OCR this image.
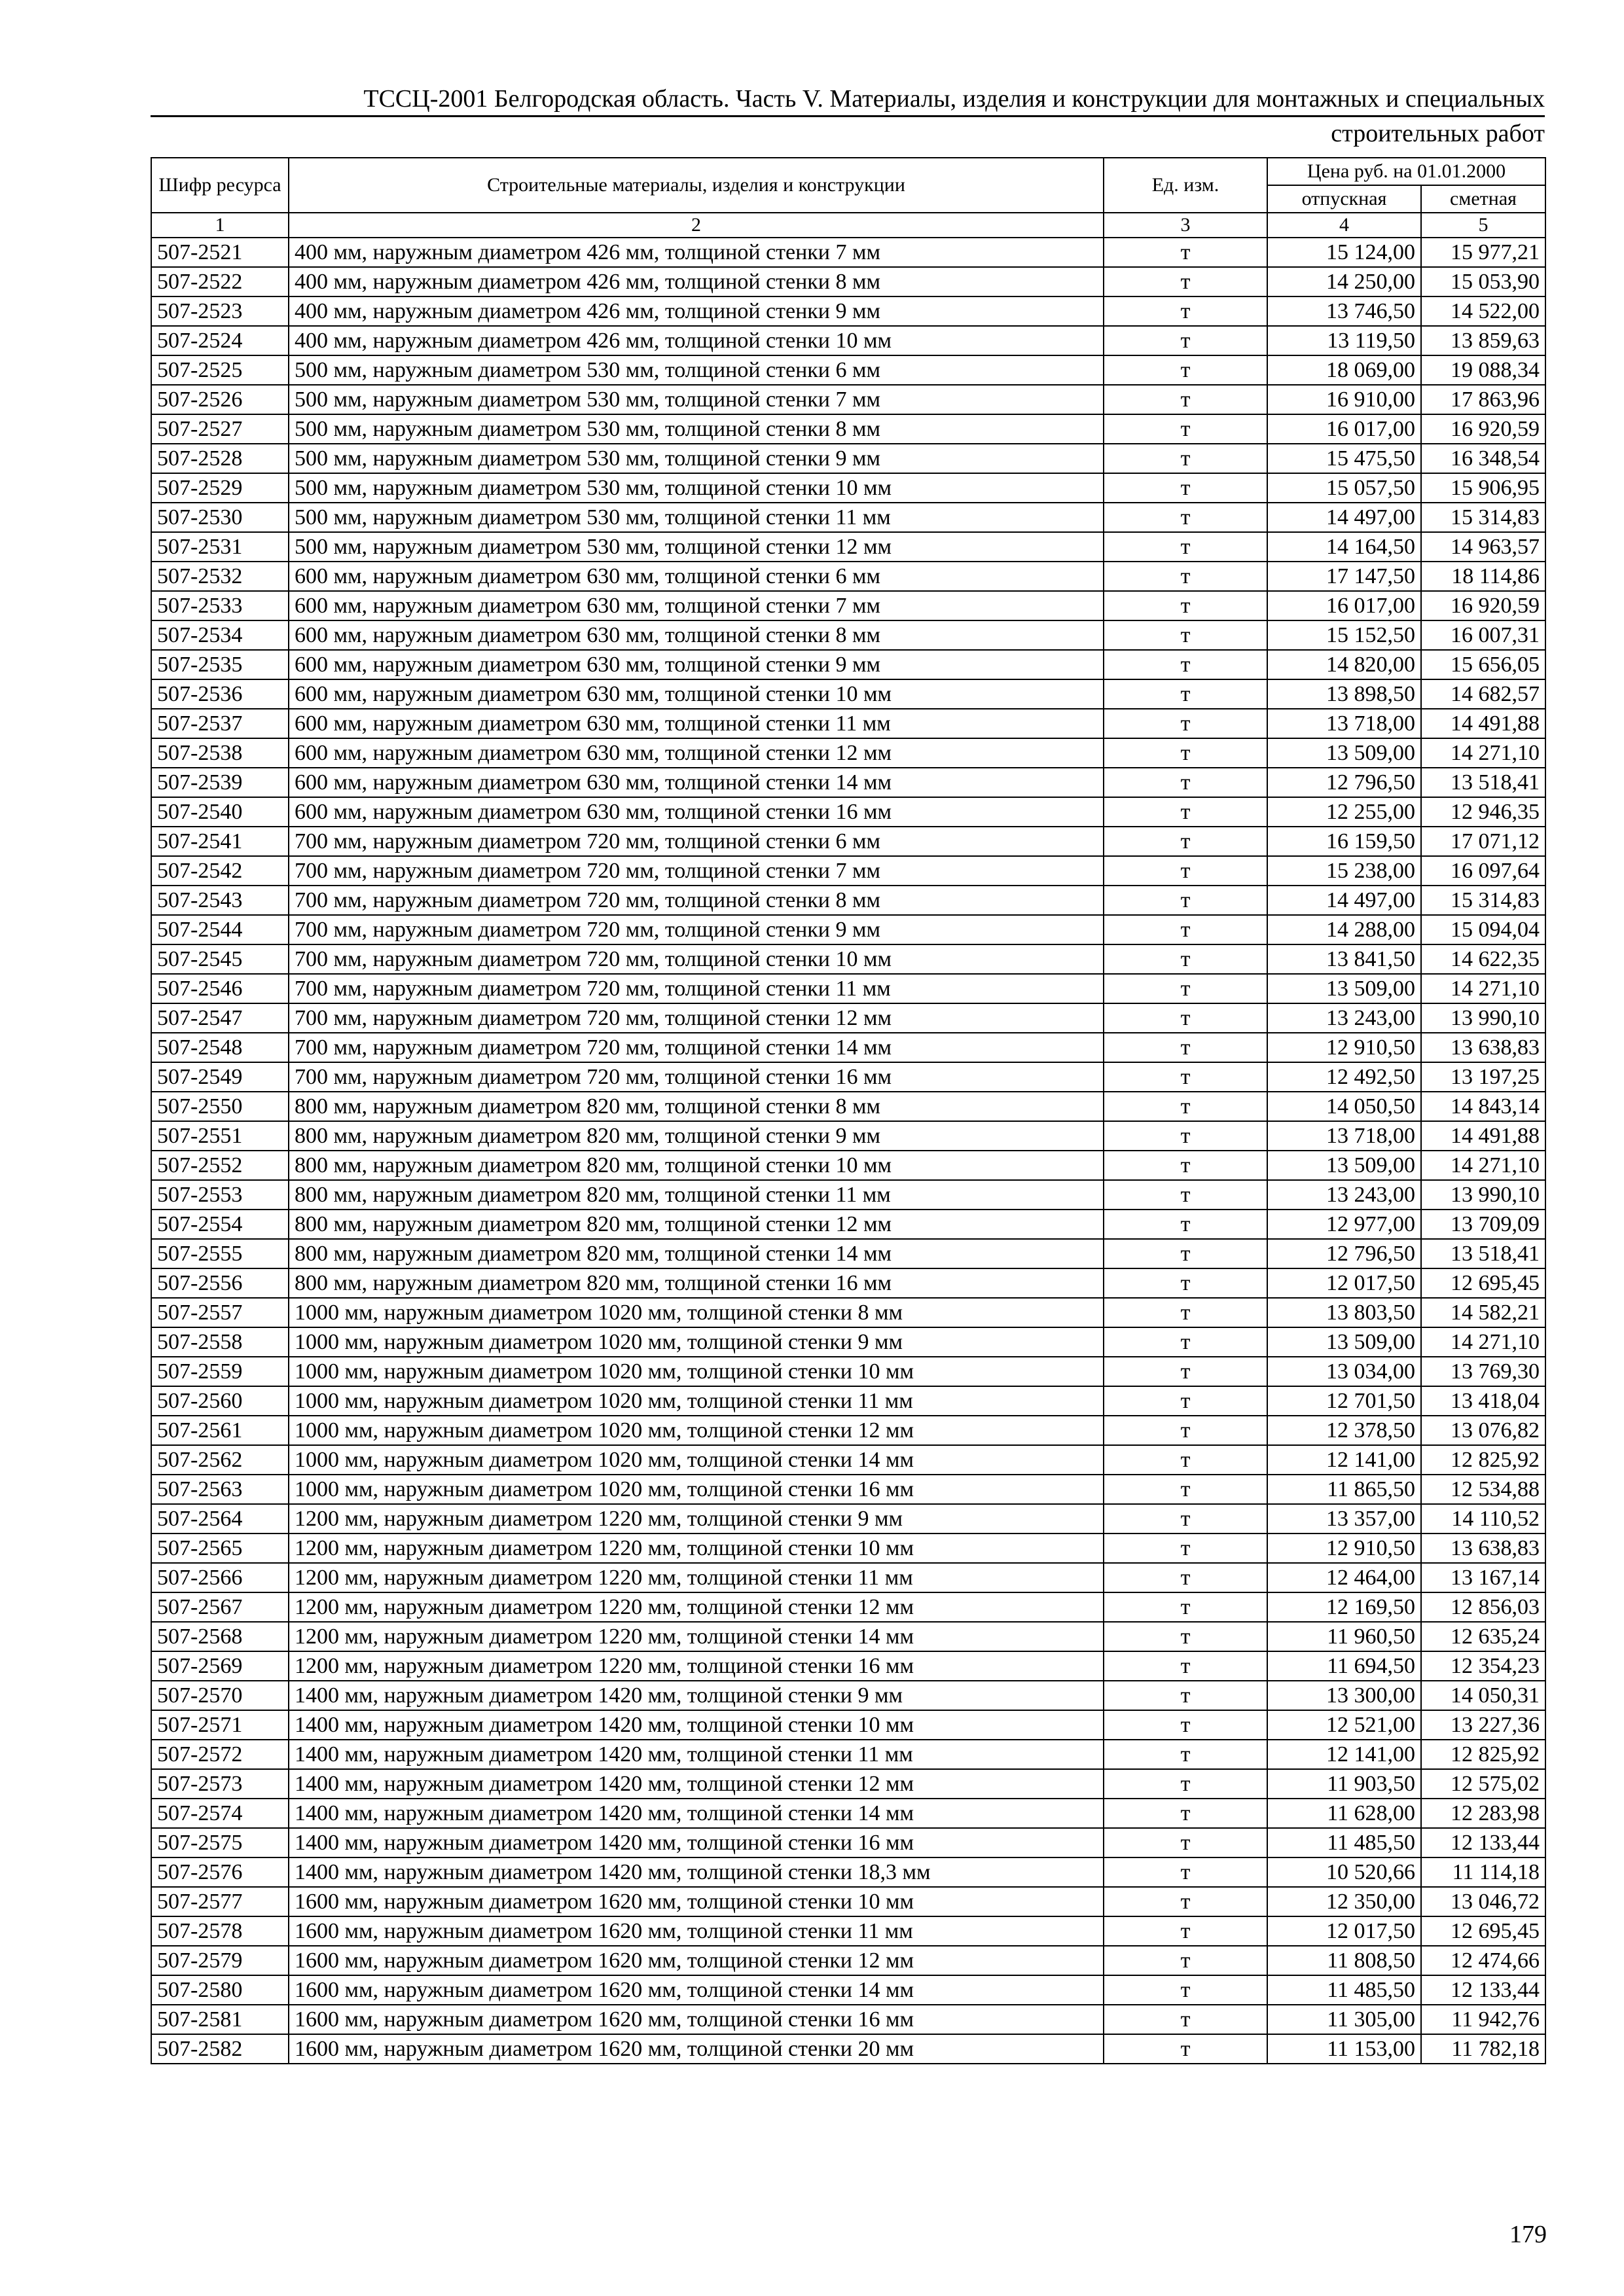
ТССЦ-2001 Белгородская область. Часть V. Материалы, изделия и конструкции для монтажных и специальных
строительных работ
Шифр ресурса	Строительные материалы, изделия и конструкции	Ед. изм.	Цена руб. на 01.01.2000	
			отпускная	сметная
1	2	3	4	5
507-2521	400 мм, наружным диаметром 426 мм, толщиной стенки 7 мм	т	15 124,00	15 977,21
507-2522	400 мм, наружным диаметром 426 мм, толщиной стенки 8 мм	т	14 250,00	15 053,90
507-2523	400 мм, наружным диаметром 426 мм, толщиной стенки 9 мм	т	13 746,50	14 522,00
507-2524	400 мм, наружным диаметром 426 мм, толщиной стенки 10 мм	т	13 119,50	13 859,63
507-2525	500 мм, наружным диаметром 530 мм, толщиной стенки 6 мм	т	18 069,00	19 088,34
507-2526	500 мм, наружным диаметром 530 мм, толщиной стенки 7 мм	т	16 910,00	17 863,96
507-2527	500 мм, наружным диаметром 530 мм, толщиной стенки 8 мм	т	16 017,00	16 920,59
507-2528	500 мм, наружным диаметром 530 мм, толщиной стенки 9 мм	т	15 475,50	16 348,54
507-2529	500 мм, наружным диаметром 530 мм, толщиной стенки 10 мм	т	15 057,50	15 906,95
507-2530	500 мм, наружным диаметром 530 мм, толщиной стенки 11 мм	т	14 497,00	15 314,83
507-2531	500 мм, наружным диаметром 530 мм, толщиной стенки 12 мм	т	14 164,50	14 963,57
507-2532	600 мм, наружным диаметром 630 мм, толщиной стенки 6 мм	т	17 147,50	18 114,86
507-2533	600 мм, наружным диаметром 630 мм, толщиной стенки 7 мм	т	16 017,00	16 920,59
507-2534	600 мм, наружным диаметром 630 мм, толщиной стенки 8 мм	т	15 152,50	16 007,31
507-2535	600 мм, наружным диаметром 630 мм, толщиной стенки 9 мм	т	14 820,00	15 656,05
507-2536	600 мм, наружным диаметром 630 мм, толщиной стенки 10 мм	т	13 898,50	14 682,57
507-2537	600 мм, наружным диаметром 630 мм, толщиной стенки 11 мм	т	13 718,00	14 491,88
507-2538	600 мм, наружным диаметром 630 мм, толщиной стенки 12 мм	т	13 509,00	14 271,10
507-2539	600 мм, наружным диаметром 630 мм, толщиной стенки 14 мм	т	12 796,50	13 518,41
507-2540	600 мм, наружным диаметром 630 мм, толщиной стенки 16 мм	т	12 255,00	12 946,35
507-2541	700 мм, наружным диаметром 720 мм, толщиной стенки 6 мм	т	16 159,50	17 071,12
507-2542	700 мм, наружным диаметром 720 мм, толщиной стенки 7 мм	т	15 238,00	16 097,64
507-2543	700 мм, наружным диаметром 720 мм, толщиной стенки 8 мм	т	14 497,00	15 314,83
507-2544	700 мм, наружным диаметром 720 мм, толщиной стенки 9 мм	т	14 288,00	15 094,04
507-2545	700 мм, наружным диаметром 720 мм, толщиной стенки 10 мм	т	13 841,50	14 622,35
507-2546	700 мм, наружным диаметром 720 мм, толщиной стенки 11 мм	т	13 509,00	14 271,10
507-2547	700 мм, наружным диаметром 720 мм, толщиной стенки 12 мм	т	13 243,00	13 990,10
507-2548	700 мм, наружным диаметром 720 мм, толщиной стенки 14 мм	т	12 910,50	13 638,83
507-2549	700 мм, наружным диаметром 720 мм, толщиной стенки 16 мм	т	12 492,50	13 197,25
507-2550	800 мм, наружным диаметром 820 мм, толщиной стенки 8 мм	т	14 050,50	14 843,14
507-2551	800 мм, наружным диаметром 820 мм, толщиной стенки 9 мм	т	13 718,00	14 491,88
507-2552	800 мм, наружным диаметром 820 мм, толщиной стенки 10 мм	т	13 509,00	14 271,10
507-2553	800 мм, наружным диаметром 820 мм, толщиной стенки 11 мм	т	13 243,00	13 990,10
507-2554	800 мм, наружным диаметром 820 мм, толщиной стенки 12 мм	т	12 977,00	13 709,09
507-2555	800 мм, наружным диаметром 820 мм, толщиной стенки 14 мм	т	12 796,50	13 518,41
507-2556	800 мм, наружным диаметром 820 мм, толщиной стенки 16 мм	т	12 017,50	12 695,45
507-2557	1000 мм, наружным диаметром 1020 мм, толщиной стенки 8 мм	т	13 803,50	14 582,21
507-2558	1000 мм, наружным диаметром 1020 мм, толщиной стенки 9 мм	т	13 509,00	14 271,10
507-2559	1000 мм, наружным диаметром 1020 мм, толщиной стенки 10 мм	т	13 034,00	13 769,30
507-2560	1000 мм, наружным диаметром 1020 мм, толщиной стенки 11 мм	т	12 701,50	13 418,04
507-2561	1000 мм, наружным диаметром 1020 мм, толщиной стенки 12 мм	т	12 378,50	13 076,82
507-2562	1000 мм, наружным диаметром 1020 мм, толщиной стенки 14 мм	т	12 141,00	12 825,92
507-2563	1000 мм, наружным диаметром 1020 мм, толщиной стенки 16 мм	т	11 865,50	12 534,88
507-2564	1200 мм, наружным диаметром 1220 мм, толщиной стенки 9 мм	т	13 357,00	14 110,52
507-2565	1200 мм, наружным диаметром 1220 мм, толщиной стенки 10 мм	т	12 910,50	13 638,83
507-2566	1200 мм, наружным диаметром 1220 мм, толщиной стенки 11 мм	т	12 464,00	13 167,14
507-2567	1200 мм, наружным диаметром 1220 мм, толщиной стенки 12 мм	т	12 169,50	12 856,03
507-2568	1200 мм, наружным диаметром 1220 мм, толщиной стенки 14 мм	т	11 960,50	12 635,24
507-2569	1200 мм, наружным диаметром 1220 мм, толщиной стенки 16 мм	т	11 694,50	12 354,23
507-2570	1400 мм, наружным диаметром 1420 мм, толщиной стенки 9 мм	т	13 300,00	14 050,31
507-2571	1400 мм, наружным диаметром 1420 мм, толщиной стенки 10 мм	т	12 521,00	13 227,36
507-2572	1400 мм, наружным диаметром 1420 мм, толщиной стенки 11 мм	т	12 141,00	12 825,92
507-2573	1400 мм, наружным диаметром 1420 мм, толщиной стенки 12 мм	т	11 903,50	12 575,02
507-2574	1400 мм, наружным диаметром 1420 мм, толщиной стенки 14 мм	т	11 628,00	12 283,98
507-2575	1400 мм, наружным диаметром 1420 мм, толщиной стенки 16 мм	т	11 485,50	12 133,44
507-2576	1400 мм, наружным диаметром 1420 мм, толщиной стенки 18,3 мм	т	10 520,66	11 114,18
507-2577	1600 мм, наружным диаметром 1620 мм, толщиной стенки 10 мм	т	12 350,00	13 046,72
507-2578	1600 мм, наружным диаметром 1620 мм, толщиной стенки 11 мм	т	12 017,50	12 695,45
507-2579	1600 мм, наружным диаметром 1620 мм, толщиной стенки 12 мм	т	11 808,50	12 474,66
507-2580	1600 мм, наружным диаметром 1620 мм, толщиной стенки 14 мм	т	11 485,50	12 133,44
507-2581	1600 мм, наружным диаметром 1620 мм, толщиной стенки 16 мм	т	11 305,00	11 942,76
507-2582	1600 мм, наружным диаметром 1620 мм, толщиной стенки 20 мм	т	11 153,00	11 782,18
179
